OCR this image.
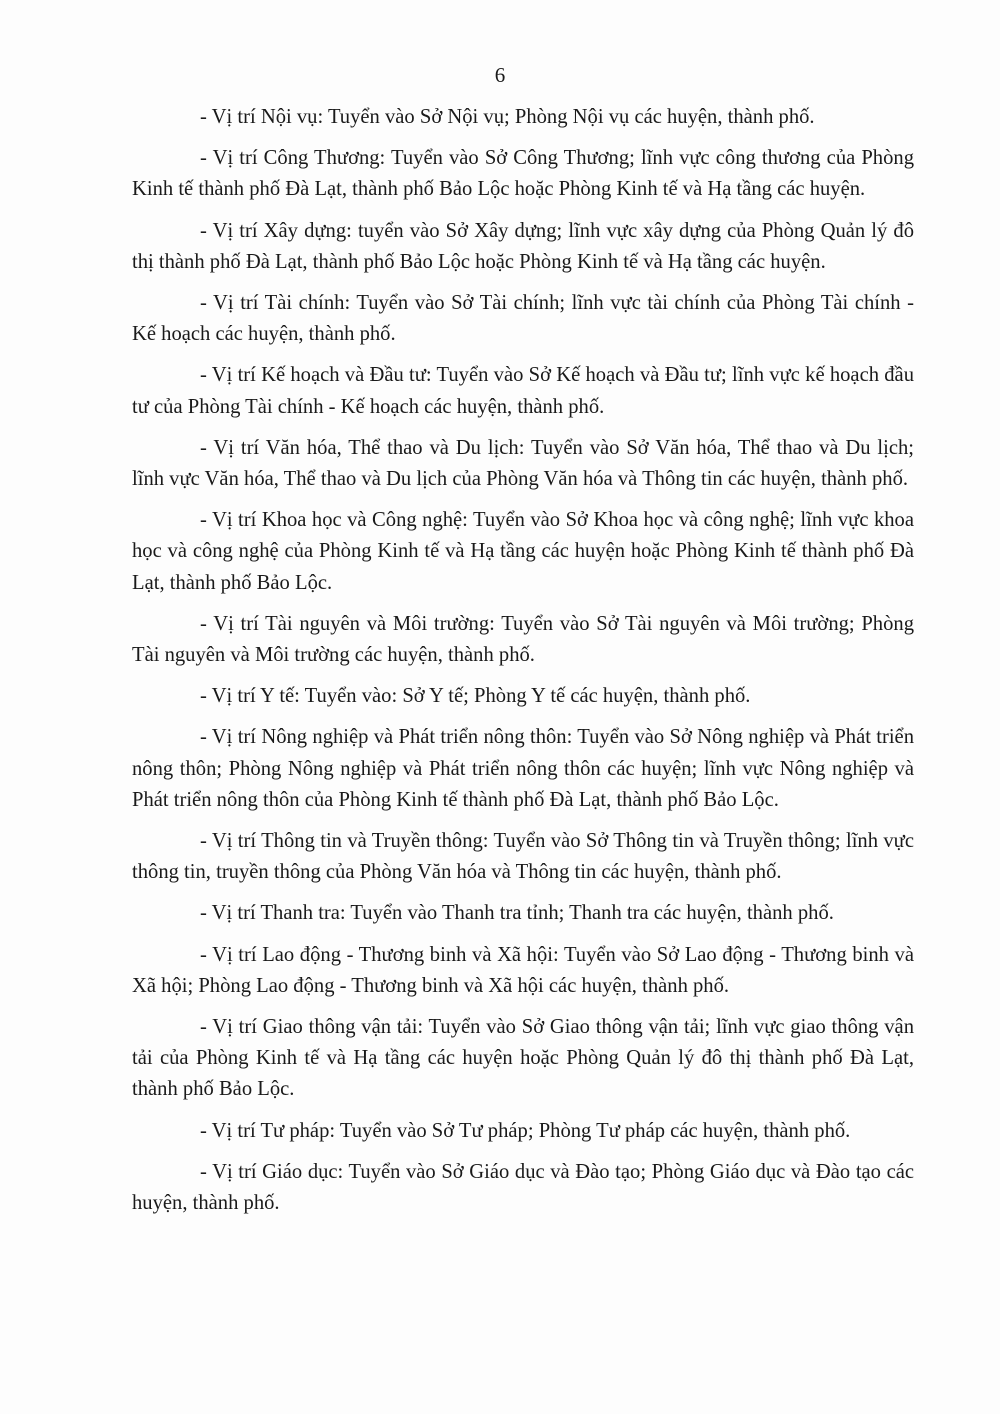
6

- Vị trí Nội vụ: Tuyển vào Sở Nội vụ; Phòng Nội vụ các huyện, thành phố.

- Vị trí Công Thương: Tuyển vào Sở Công Thương; lĩnh vực công thương của Phòng Kinh tế thành phố Đà Lạt, thành phố Bảo Lộc hoặc Phòng Kinh tế và Hạ tầng các huyện.

- Vị trí Xây dựng: tuyển vào Sở Xây dựng; lĩnh vực xây dựng của Phòng Quản lý đô thị thành phố Đà Lạt, thành phố Bảo Lộc hoặc Phòng Kinh tế và Hạ tầng các huyện.

- Vị trí Tài chính: Tuyển vào Sở Tài chính; lĩnh vực tài chính của Phòng Tài chính - Kế hoạch các huyện, thành phố.

- Vị trí Kế hoạch và Đầu tư: Tuyển vào Sở Kế hoạch và Đầu tư; lĩnh vực kế hoạch đầu tư của Phòng Tài chính - Kế hoạch các huyện, thành phố.

- Vị trí Văn hóa, Thể thao và Du lịch: Tuyển vào Sở Văn hóa, Thể thao và Du lịch; lĩnh vực Văn hóa, Thể thao và Du lịch của Phòng Văn hóa và Thông tin các huyện, thành phố.

- Vị trí Khoa học và Công nghệ: Tuyển vào Sở Khoa học và công nghệ; lĩnh vực khoa học và công nghệ của Phòng Kinh tế và Hạ tầng các huyện hoặc Phòng Kinh tế thành phố Đà Lạt, thành phố Bảo Lộc.

- Vị trí Tài nguyên và Môi trường: Tuyển vào Sở Tài nguyên và Môi trường; Phòng Tài nguyên và Môi trường các huyện, thành phố.

- Vị trí Y tế: Tuyển vào: Sở Y tế; Phòng Y tế các huyện, thành phố.

- Vị trí Nông nghiệp và Phát triển nông thôn: Tuyển vào Sở Nông nghiệp và Phát triển nông thôn; Phòng Nông nghiệp và Phát triển nông thôn các huyện; lĩnh vực Nông nghiệp và Phát triển nông thôn của Phòng Kinh tế thành phố Đà Lạt, thành phố Bảo Lộc.

- Vị trí Thông tin và Truyền thông: Tuyển vào Sở Thông tin và Truyền thông; lĩnh vực thông tin, truyền thông của Phòng Văn hóa và Thông tin các huyện, thành phố.

- Vị trí Thanh tra: Tuyển vào Thanh tra tỉnh; Thanh tra các huyện, thành phố.

- Vị trí Lao động - Thương binh và Xã hội: Tuyển vào Sở Lao động - Thương binh và Xã hội; Phòng Lao động - Thương binh và Xã hội các huyện, thành phố.

- Vị trí Giao thông vận tải: Tuyển vào Sở Giao thông vận tải; lĩnh vực giao thông vận tải của Phòng Kinh tế và Hạ tầng các huyện hoặc Phòng Quản lý đô thị thành phố Đà Lạt, thành phố Bảo Lộc.

- Vị trí Tư pháp: Tuyển vào Sở Tư pháp; Phòng Tư pháp các huyện, thành phố.

- Vị trí Giáo dục: Tuyển vào Sở Giáo dục và Đào tạo; Phòng Giáo dục và Đào tạo các huyện, thành phố.
